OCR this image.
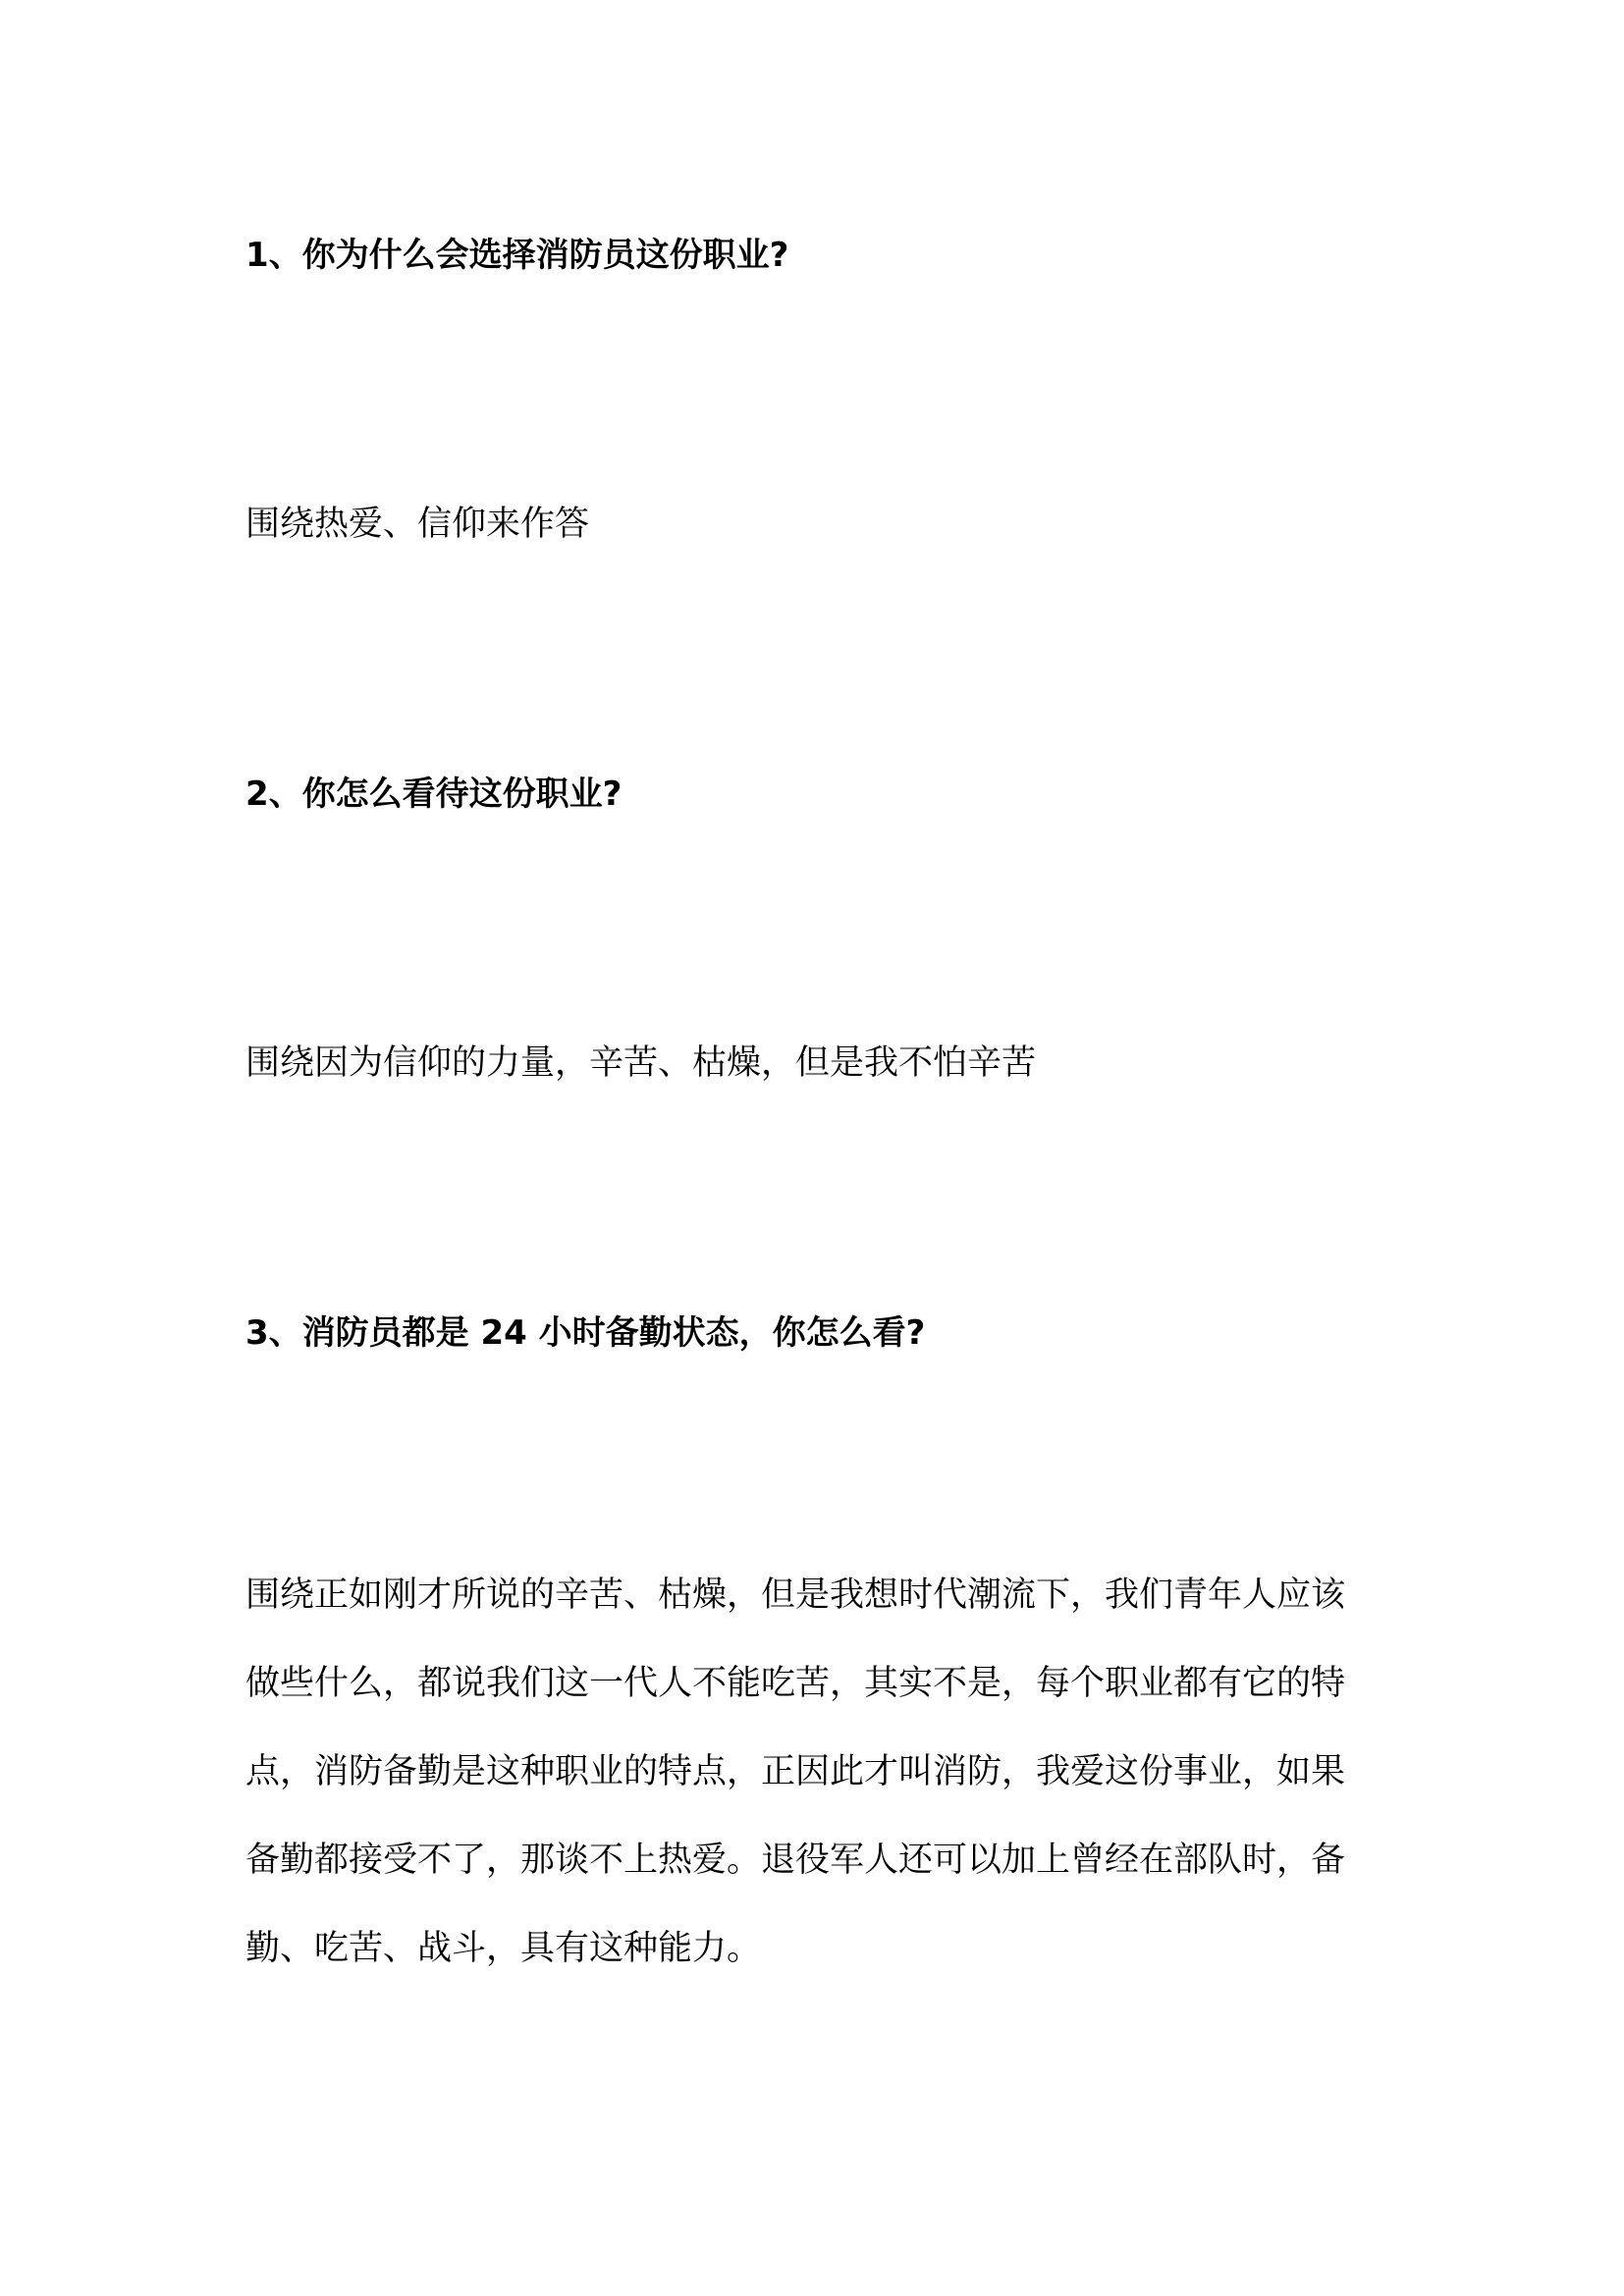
1、你为什么会选择消防员这份职业?

围绕热爱、信仰来作答

2、你怎么看待这份职业?

围绕因为信仰的力量，辛苦、枯燥，但是我不怕辛苦

3、消防员都是 24 小时备勤状态，你怎么看?
围绕正如刚才所说的辛苦、枯燥，但是我想时代潮流下，我们青年人应该
做些什么，都说我们这一代人不能吃苦，其实不是，每个职业都有它的特
点，消防备勤是这种职业的特点，正因此才叫消防，我爱这份事业，如果
备勤都接受不了，那谈不上热爱。退役军人还可以加上曾经在部队时，备
勤、吃苦、战斗，具有这种能力。
